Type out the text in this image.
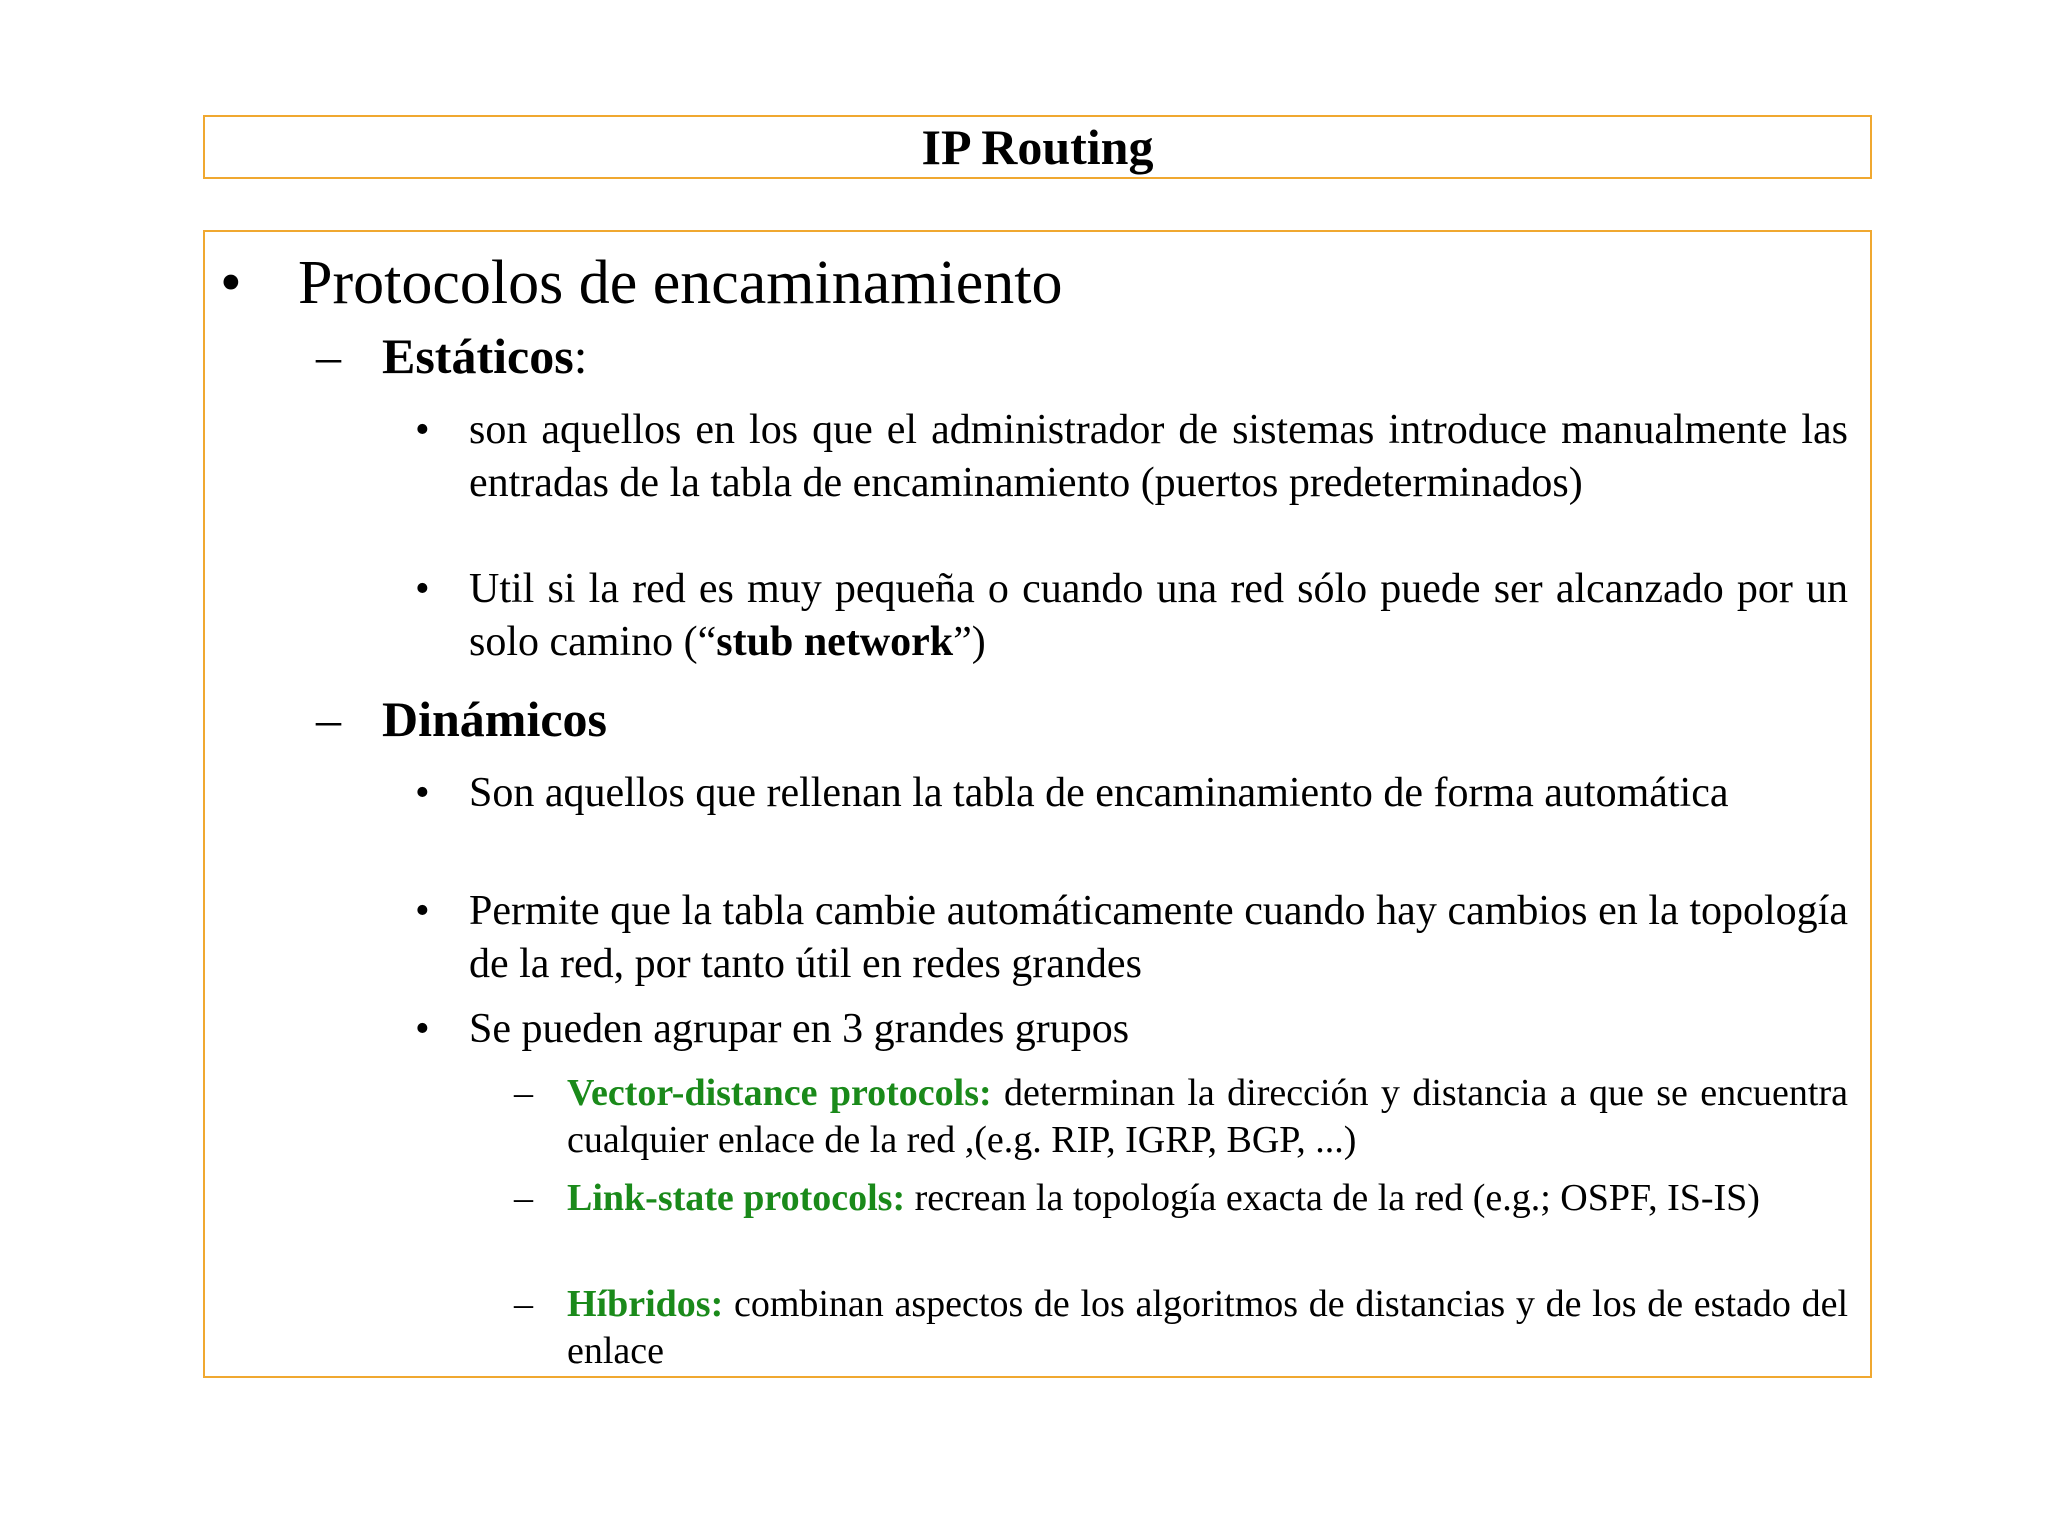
IP Routing
• Protocolos de encaminamiento
– Estáticos:
• son aquellos en los que el administrador de sistemas introduce manualmente las entradas de la tabla de encaminamiento (puertos predeterminados)
• Util si la red es muy pequeña o cuando una red sólo puede ser alcanzado por un solo camino (“stub network”)
– Dinámicos
• Son aquellos que rellenan la tabla de encaminamiento de forma automática
• Permite que la tabla cambie automáticamente cuando hay cambios en la topología de la red, por tanto útil en redes grandes
• Se pueden agrupar en 3 grandes grupos
– Vector-distance protocols: determinan la dirección y distancia a que se encuentra cualquier enlace de la red ,(e.g. RIP, IGRP, BGP, ...)
– Link-state protocols: recrean la topología exacta de la red (e.g.; OSPF, IS-IS)
– Híbridos: combinan aspectos de los algoritmos de distancias y de los de estado del enlace
